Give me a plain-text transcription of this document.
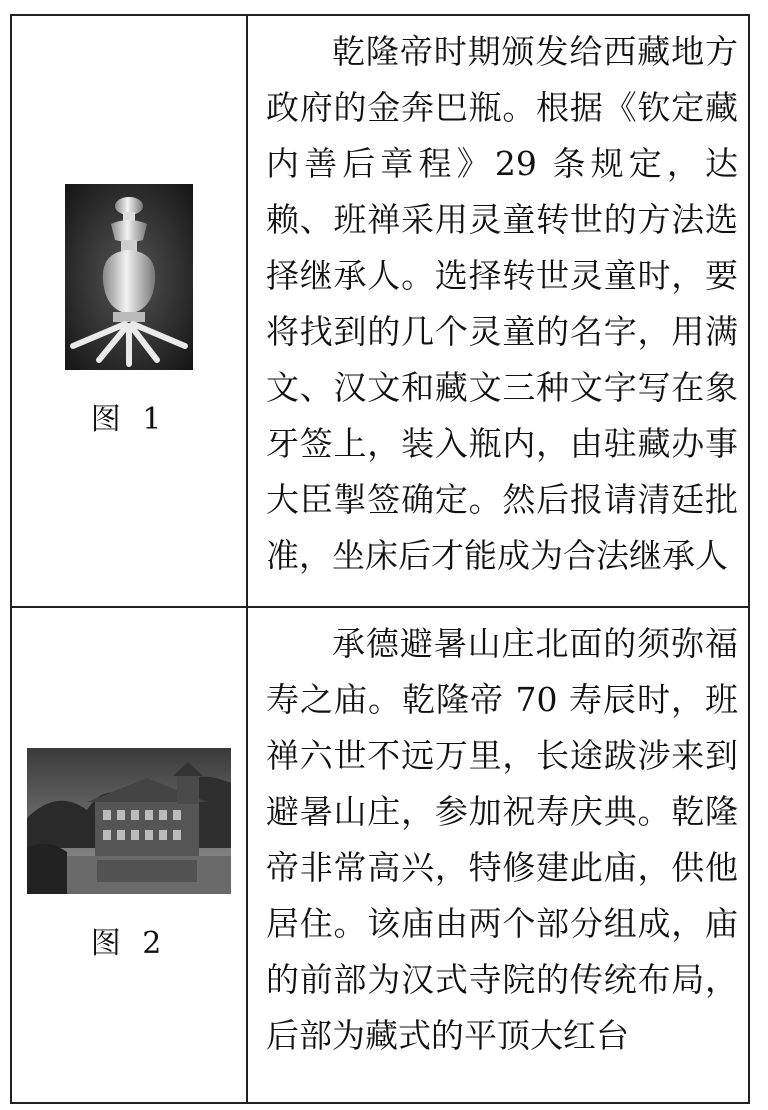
图 1
乾隆帝时期颁发给西藏地方政府的金奔巴瓶。根据《钦定藏内善后章程》29 条规定，达赖、班禅采用灵童转世的方法选择继承人。选择转世灵童时，要将找到的几个灵童的名字，用满文、汉文和藏文三种文字写在象牙签上，装入瓶内，由驻藏办事大臣掣签确定。然后报请清廷批准，坐床后才能成为合法继承人
图 2
承德避暑山庄北面的须弥福寿之庙。乾隆帝 70 寿辰时，班禅六世不远万里，长途跋涉来到避暑山庄，参加祝寿庆典。乾隆帝非常高兴，特修建此庙，供他居住。该庙由两个部分组成，庙的前部为汉式寺院的传统布局，后部为藏式的平顶大红台
